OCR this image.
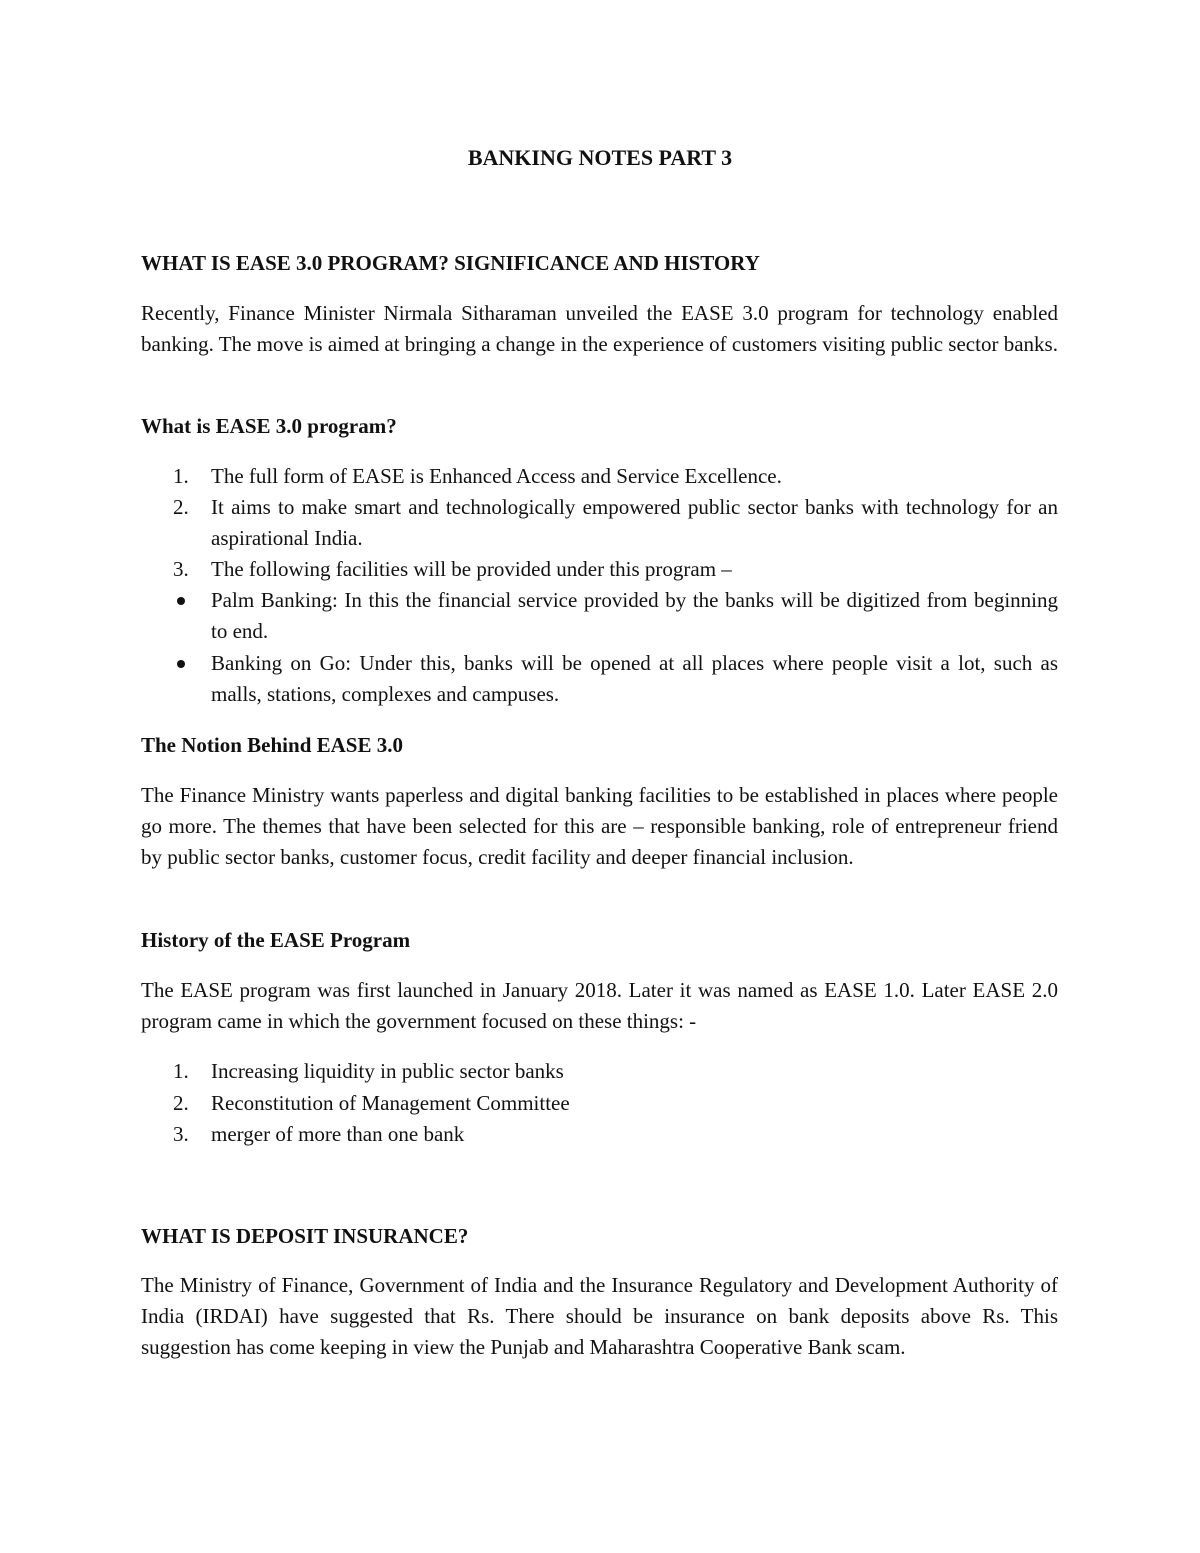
BANKING NOTES PART 3
WHAT IS EASE 3.0 PROGRAM? SIGNIFICANCE AND HISTORY
Recently, Finance Minister Nirmala Sitharaman unveiled the EASE 3.0 program for technology enabled banking. The move is aimed at bringing a change in the experience of customers visiting public sector banks.
What is EASE 3.0 program?
1.	The full form of EASE is Enhanced Access and Service Excellence.
2.	It aims to make smart and technologically empowered public sector banks with technology for an aspirational India.
3.	The following facilities will be provided under this program –
Palm Banking: In this the financial service provided by the banks will be digitized from beginning to end.
Banking on Go: Under this, banks will be opened at all places where people visit a lot, such as malls, stations, complexes and campuses.
The Notion Behind EASE 3.0
The Finance Ministry wants paperless and digital banking facilities to be established in places where people go more. The themes that have been selected for this are – responsible banking, role of entrepreneur friend by public sector banks, customer focus, credit facility and deeper financial inclusion.
History of the EASE Program
The EASE program was first launched in January 2018. Later it was named as EASE 1.0. Later EASE 2.0 program came in which the government focused on these things: -
1.	Increasing liquidity in public sector banks
2.	Reconstitution of Management Committee
3.	merger of more than one bank
WHAT IS DEPOSIT INSURANCE?
The Ministry of Finance, Government of India and the Insurance Regulatory and Development Authority of India (IRDAI) have suggested that Rs. There should be insurance on bank deposits above Rs. This suggestion has come keeping in view the Punjab and Maharashtra Cooperative Bank scam.
